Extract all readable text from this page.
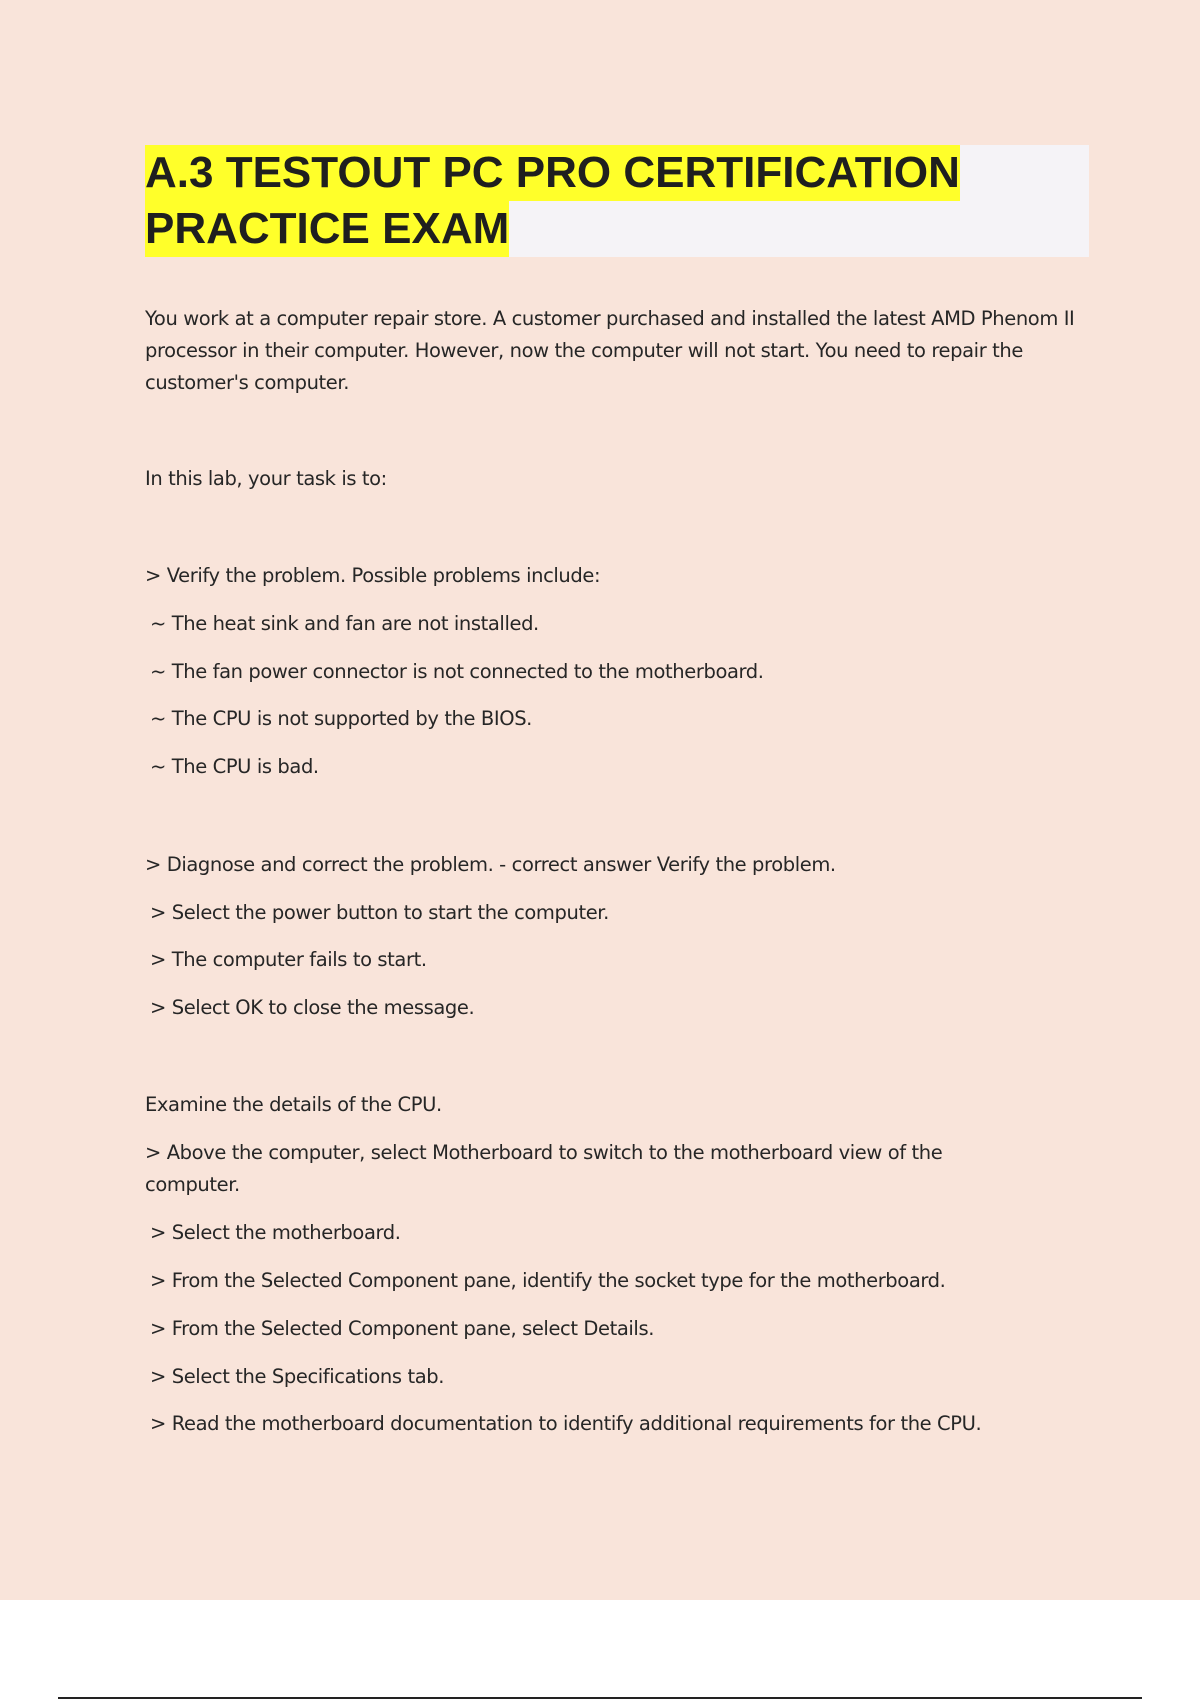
A.3 TESTOUT PC PRO CERTIFICATION
PRACTICE EXAM

You work at a computer repair store. A customer purchased and installed the latest AMD Phenom II processor in their computer. However, now the computer will not start. You need to repair the customer's computer.

In this lab, your task is to:

> Verify the problem. Possible problems include:

~ The heat sink and fan are not installed.

~ The fan power connector is not connected to the motherboard.

~ The CPU is not supported by the BIOS.

~ The CPU is bad.

> Diagnose and correct the problem. - correct answer Verify the problem.

> Select the power button to start the computer.

> The computer fails to start.

> Select OK to close the message.

Examine the details of the CPU.

> Above the computer, select Motherboard to switch to the motherboard view of the computer.

> Select the motherboard.

> From the Selected Component pane, identify the socket type for the motherboard.

> From the Selected Component pane, select Details.

> Select the Specifications tab.

> Read the motherboard documentation to identify additional requirements for the CPU.
